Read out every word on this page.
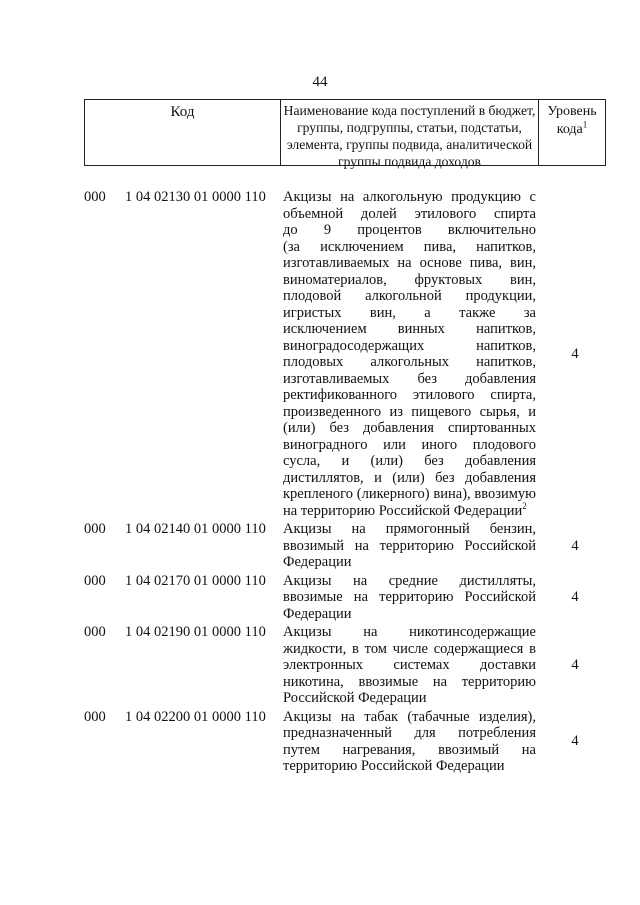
44
Код	Наименование кода поступлений в бюджет, группы, подгруппы, статьи, подстатьи, элемента, группы подвида, аналитической группы подвида доходов
Уровень кода$^1$
000 1 04 02130 01 0000 110 Акцизы на алкогольную продукцию с
объемной долей этилового спирта
до 9 процентов включительно
(за исключением пива, напитков,
изготавливаемых на основе пива, вин,
виноматериалов, фруктовых вин,
плодовой алкогольной продукции,
игристых вин, а также за
исключением винных напитков,
виноградосодержащих напитков,
плодовых алкогольных напитков,
изготавливаемых без добавления
ректификованного этилового спирта,
произведенного из пищевого сырья, и
(или) без добавления спиртованных
виноградного или иного плодового
сусла, и (или) без добавления
дистиллятов, и (или) без добавления
крепленого (ликерного) вина), ввозимую
на территорию Российской Федерации$^2$
4
000 1 04 02140 01 0000 110 Акцизы на прямогонный бензин,
ввозимый на территорию Российской
Федерации
4
000 1 04 02170 01 0000 110 Акцизы на средние дистилляты,
ввозимые на территорию Российской
Федерации
4
000 1 04 02190 01 0000 110 Акцизы на никотинсодержащие
жидкости, в том числе содержащиеся в
электронных системах доставки
никотина, ввозимые на территорию
Российской Федерации
4
000 1 04 02200 01 0000 110 Акцизы на табак (табачные изделия),
предназначенный для потребления
путем нагревания, ввозимый на
территорию Российской Федерации
4
